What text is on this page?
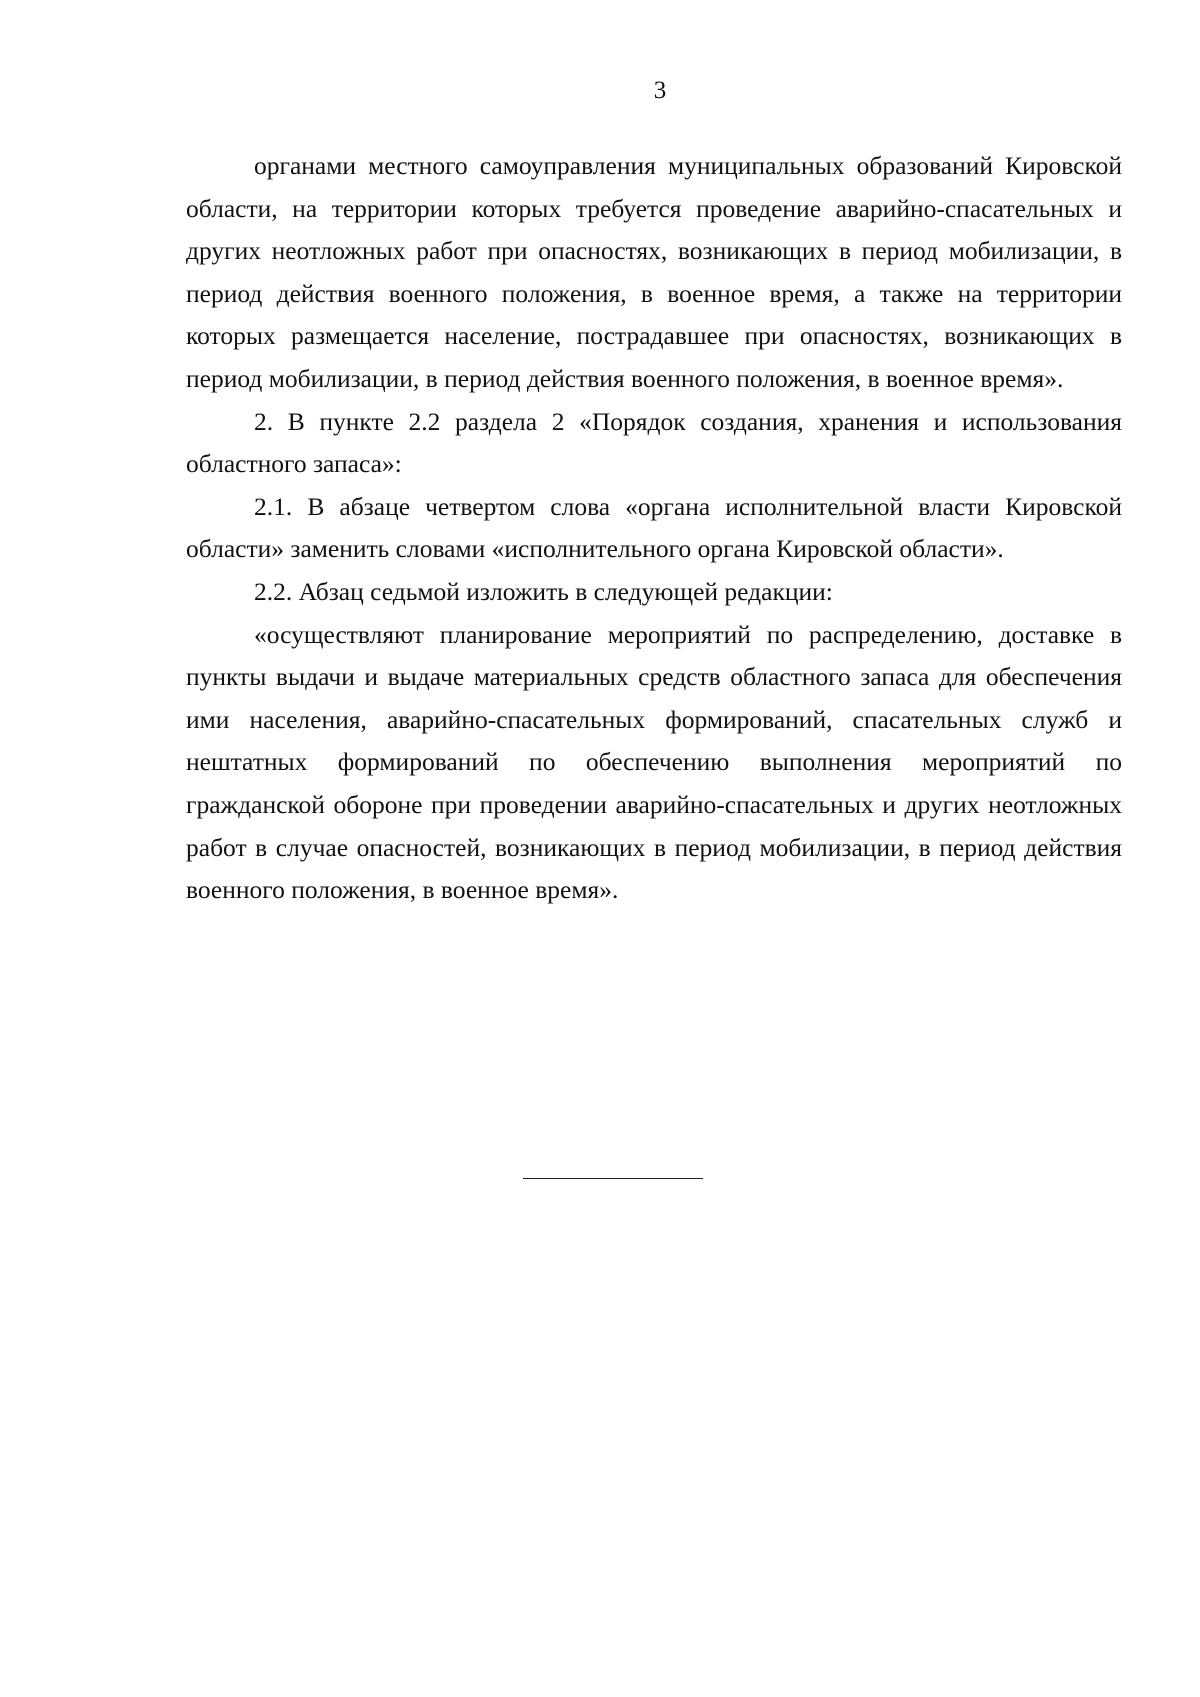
3

органами местного самоуправления муниципальных образований Кировской области, на территории которых требуется проведение аварийно-спасательных и других неотложных работ при опасностях, возникающих в период мобилизации, в период действия военного положения, в военное время, а также на территории которых размещается население, пострадавшее при опасностях, возникающих в период мобилизации, в период действия военного положения, в военное время».

2. В пункте 2.2 раздела 2 «Порядок создания, хранения и использования областного запаса»:

2.1. В абзаце четвертом слова «органа исполнительной власти Кировской области» заменить словами «исполнительного органа Кировской области».

2.2. Абзац седьмой изложить в следующей редакции:

«осуществляют планирование мероприятий по распределению, доставке в пункты выдачи и выдаче материальных средств областного запаса для обеспечения ими населения, аварийно-спасательных формирований, спасательных служб и нештатных формирований по обеспечению выполнения мероприятий по гражданской обороне при проведении аварийно-спасательных и других неотложных работ в случае опасностей, возникающих в период мобилизации, в период действия военного положения, в военное время».
